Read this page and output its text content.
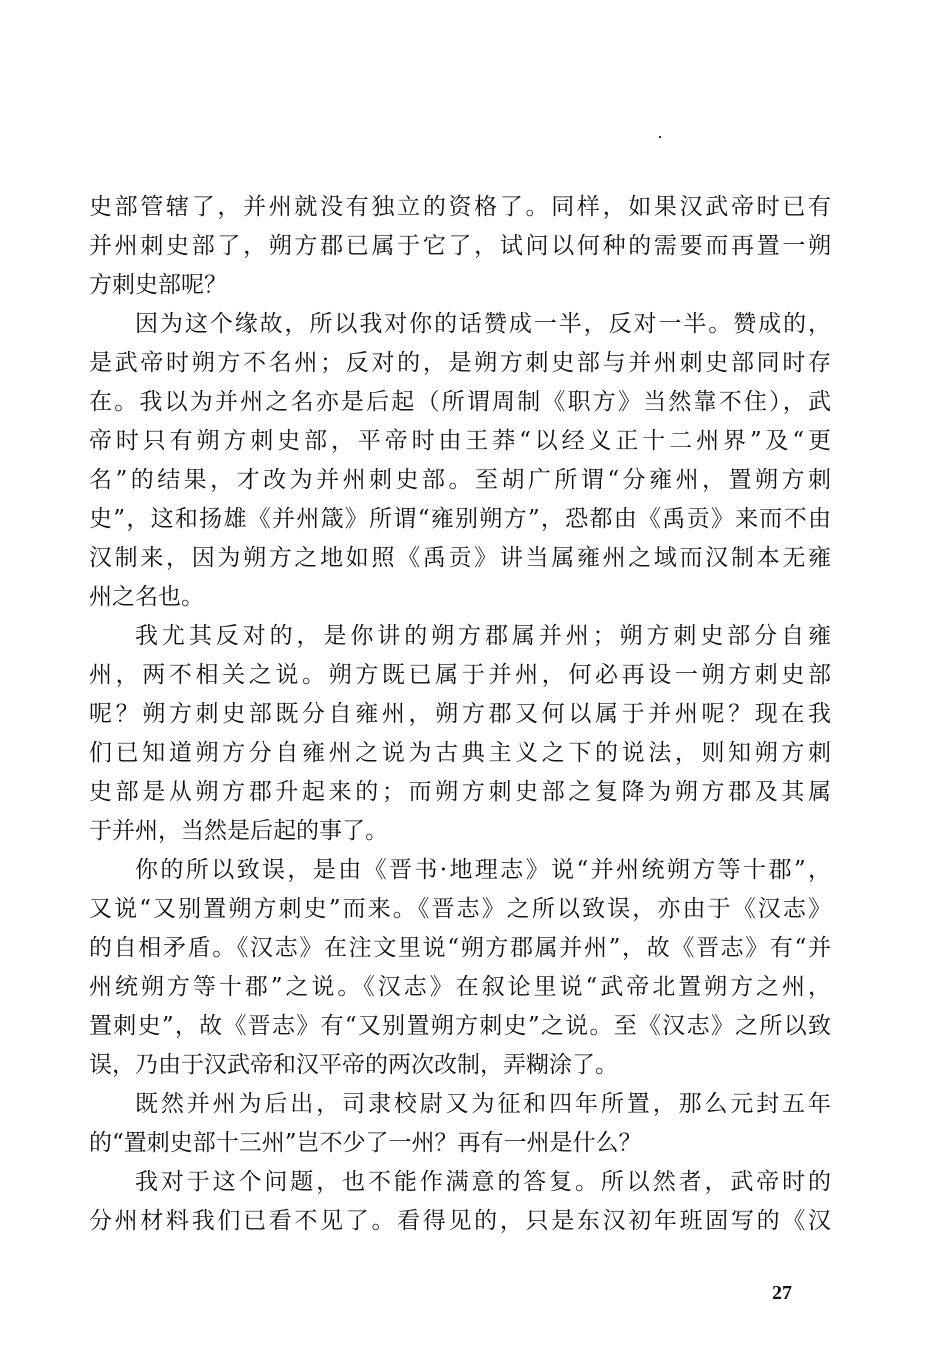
史部管辖了，并州就没有独立的资格了。同样，如果汉武帝时已有
并州刺史部了，朔方郡已属于它了，试问以何种的需要而再置一朔
方刺史部呢？
因为这个缘故，所以我对你的话赞成一半，反对一半。赞成的，
是武帝时朔方不名州；反对的，是朔方刺史部与并州刺史部同时存
在。我以为并州之名亦是后起（所谓周制《职方》当然靠不住），武
帝时只有朔方刺史部，平帝时由王莽“以经义正十二州界”及“更
名”的结果，才改为并州刺史部。至胡广所谓“分雍州，置朔方刺
史”，这和扬雄《并州箴》所谓“雍别朔方”，恐都由《禹贡》来而不由
汉制来，因为朔方之地如照《禹贡》讲当属雍州之域而汉制本无雍
州之名也。
我尤其反对的，是你讲的朔方郡属并州；朔方刺史部分自雍
州，两不相关之说。朔方既已属于并州，何必再设一朔方刺史部
呢？朔方刺史部既分自雍州，朔方郡又何以属于并州呢？现在我
们已知道朔方分自雍州之说为古典主义之下的说法，则知朔方刺
史部是从朔方郡升起来的；而朔方刺史部之复降为朔方郡及其属
于并州，当然是后起的事了。
你的所以致误，是由《晋书·地理志》说“并州统朔方等十郡”，
又说“又别置朔方刺史”而来。《晋志》之所以致误，亦由于《汉志》
的自相矛盾。《汉志》在注文里说“朔方郡属并州”，故《晋志》有“并
州统朔方等十郡”之说。《汉志》在叙论里说“武帝北置朔方之州，
置刺史”，故《晋志》有“又别置朔方刺史”之说。至《汉志》之所以致
误，乃由于汉武帝和汉平帝的两次改制，弄糊涂了。
既然并州为后出，司隶校尉又为征和四年所置，那么元封五年
的“置刺史部十三州”岂不少了一州？再有一州是什么？
我对于这个问题，也不能作满意的答复。所以然者，武帝时的
分州材料我们已看不见了。看得见的，只是东汉初年班固写的《汉
27
